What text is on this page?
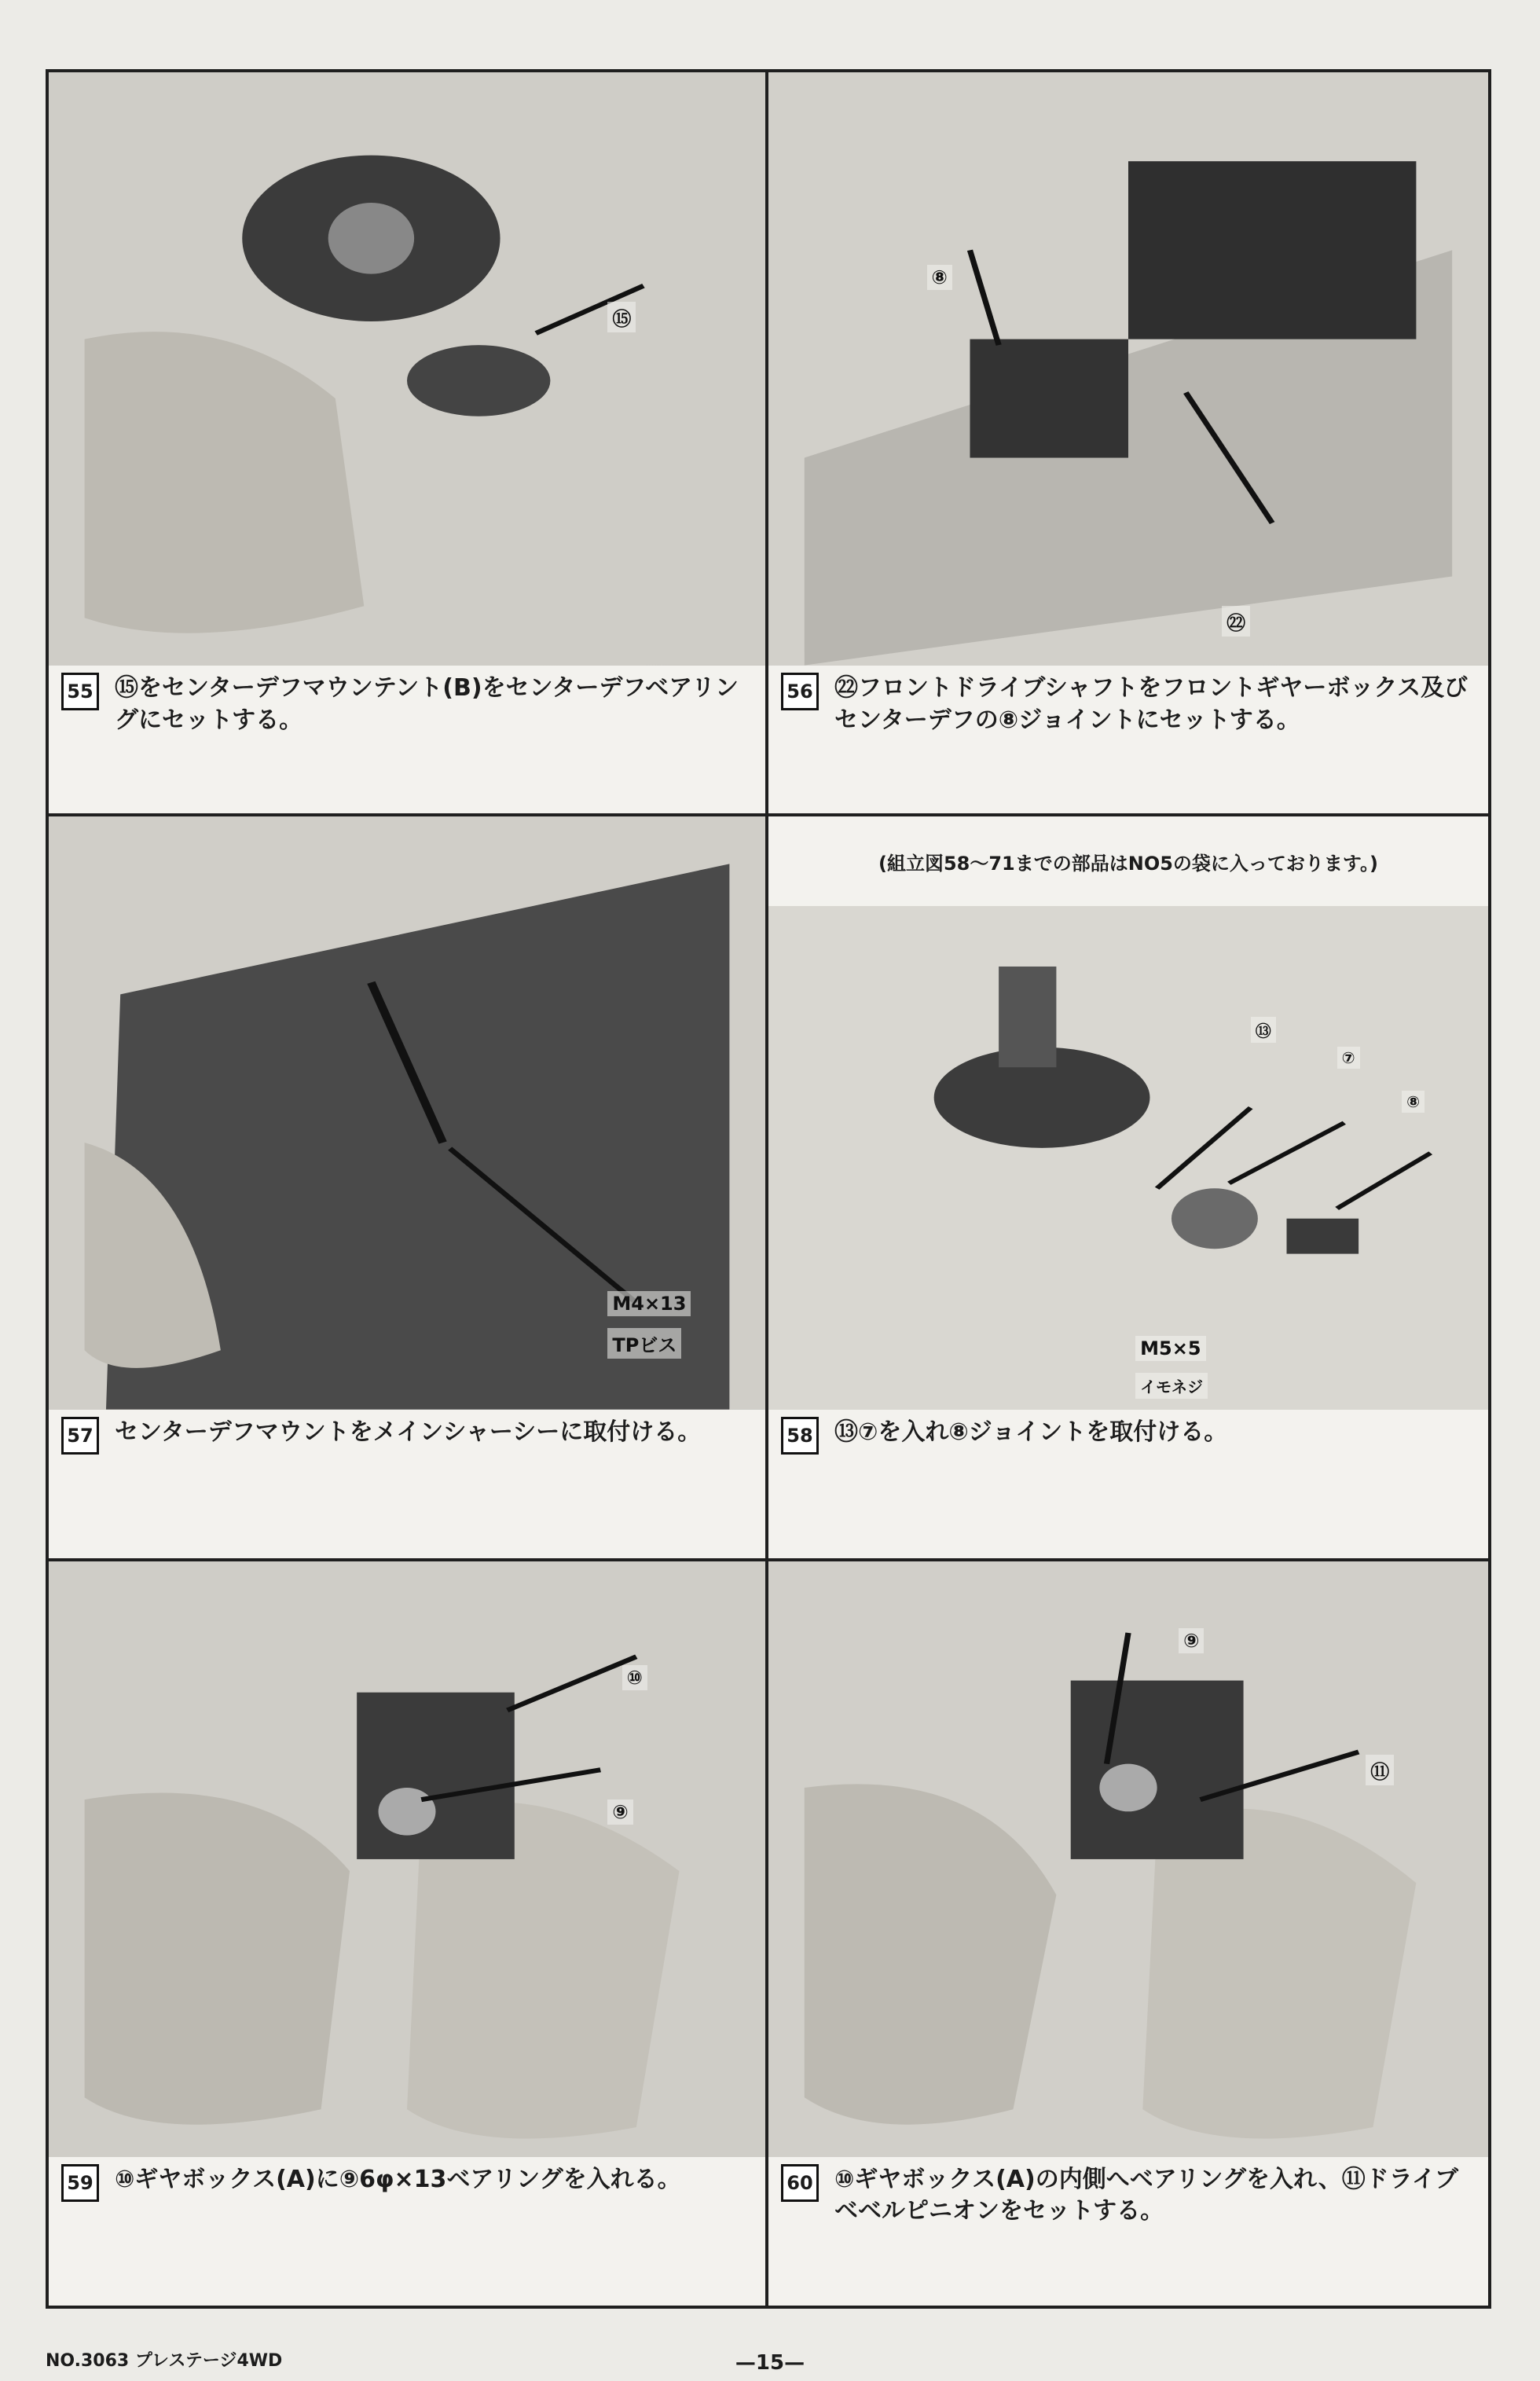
⑮
55 ⑮をセンターデフマウンテント(B)をセンターデフベアリングにセットする。
⑧
㉒
56 ㉒フロントドライブシャフトをフロントギヤーボックス及びセンターデフの⑧ジョイントにセットする。
M4×13
TPビス
57 センターデフマウントをメインシャーシーに取付ける。
(組立図58〜71までの部品はNO5の袋に入っております。)
⑬
⑦
⑧
M5×5
イモネジ
58 ⑬⑦を入れ⑧ジョイントを取付ける。
⑩
⑨
59 ⑩ギヤボックス(A)に⑨6φ×13ベアリングを入れる。
⑨
⑪
60 ⑩ギヤボックス(A)の内側へベアリングを入れ、⑪ドライブベベルピニオンをセットする。
NO.3063 プレステージ4WD	—15—
